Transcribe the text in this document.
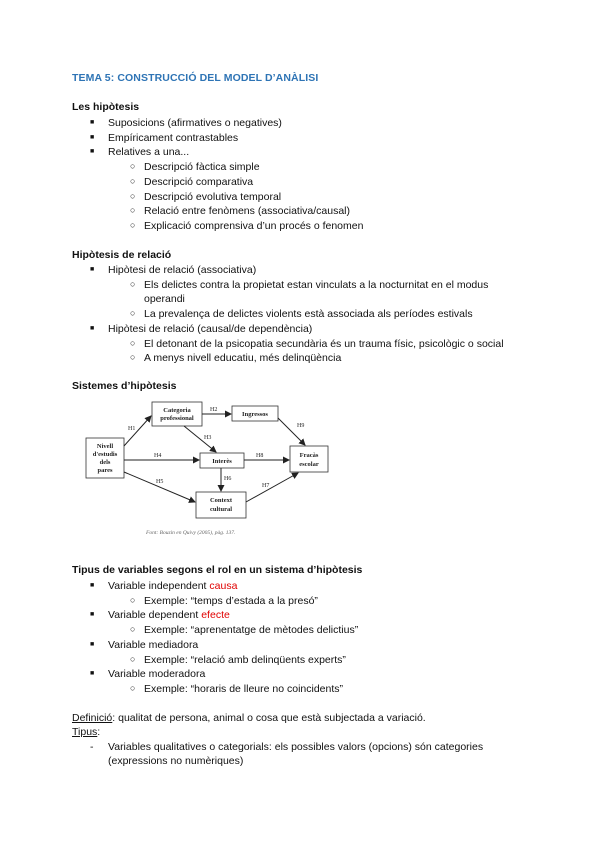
TEMA 5: CONSTRUCCIÓ DEL MODEL D’ANÀLISI
Les hipòtesis
■ Suposicions (afirmatives o negatives)
■ Empíricament contrastables
■ Relatives a una...
○ Descripció fàctica simple
○ Descripció comparativa
○ Descripció evolutiva temporal
○ Relació entre fenòmens (associativa/causal)
○ Explicació comprensiva d’un procés o fenomen
Hipòtesis de relació
■ Hipòtesi de relació (associativa)
○ Els delictes contra la propietat estan vinculats a la nocturnitat en el modus
operandi
○ La prevalença de delictes violents està associada als períodes estivals
■ Hipòtesi de relació (causal/de dependència)
○ El detonant de la psicopatia secundària és un trauma físic, psicològic o social
○ A menys nivell educatiu, més delinqüència
Sistemes d’hipòtesis
Nivell
d'estudis
dels
pares
Categoria
professional
Ingressos
Interès
Fracàs
escolar
Context
cultural
H1
H2
H3
H4
H5	H6
H7
H8
H9
Font: Bouzin en Quivy (2005), pàg. 137.
Tipus de variables segons el rol en un sistema d’hipòtesis
■ Variable independent causa
○ Exemple: “temps d’estada a la presó”
■ Variable dependent efecte
○ Exemple: “aprenentatge de mètodes delictius”
■ Variable mediadora
○ Exemple: “relació amb delinqüents experts”
■ Variable moderadora
○ Exemple: “horaris de lleure no coincidents”
Definició: qualitat de persona, animal o cosa que està subjectada a variació.
Tipus:
- Variables qualitatives o categorials: els possibles valors (opcions) són categories
(expressions no numèriques)
